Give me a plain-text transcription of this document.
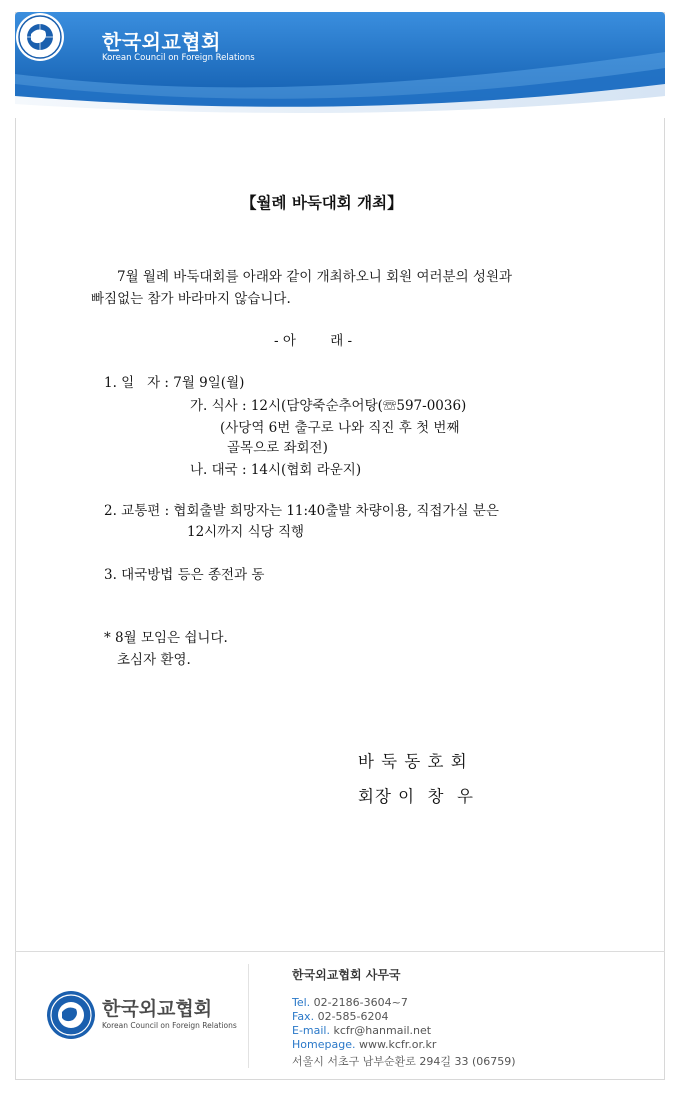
한국외교협회
Korean Council on Foreign Relations
【월례 바둑대회 개최】
7월 월례 바둑대회를 아래와 같이 개최하오니 회원 여러분의 성원과
빠짐없는 참가 바라마지 않습니다.
- 아        래 -
1. 일   자 : 7월 9일(월)
가. 식사 : 12시(담양죽순추어탕(☏597-0036)
(사당역 6번 출구로 나와 직진 후 첫 번째
골목으로 좌회전)
나. 대국 : 14시(협회 라운지)
2. 교통편 : 협회출발 희망자는 11:40출발 차량이용, 직접가실 분은
12시까지 식당 직행
3. 대국방법 등은 종전과 동
* 8월 모임은 쉽니다.
초심자 환영.
바 둑 동 호 회
회장 이  창  우
한국외교협회
Korean Council on Foreign Relations
한국외교협회 사무국
Tel. 02-2186-3604~7
Fax. 02-585-6204
E-mail. kcfr@hanmail.net
Homepage. www.kcfr.or.kr
서울시 서초구 남부순환로 294길 33 (06759)
